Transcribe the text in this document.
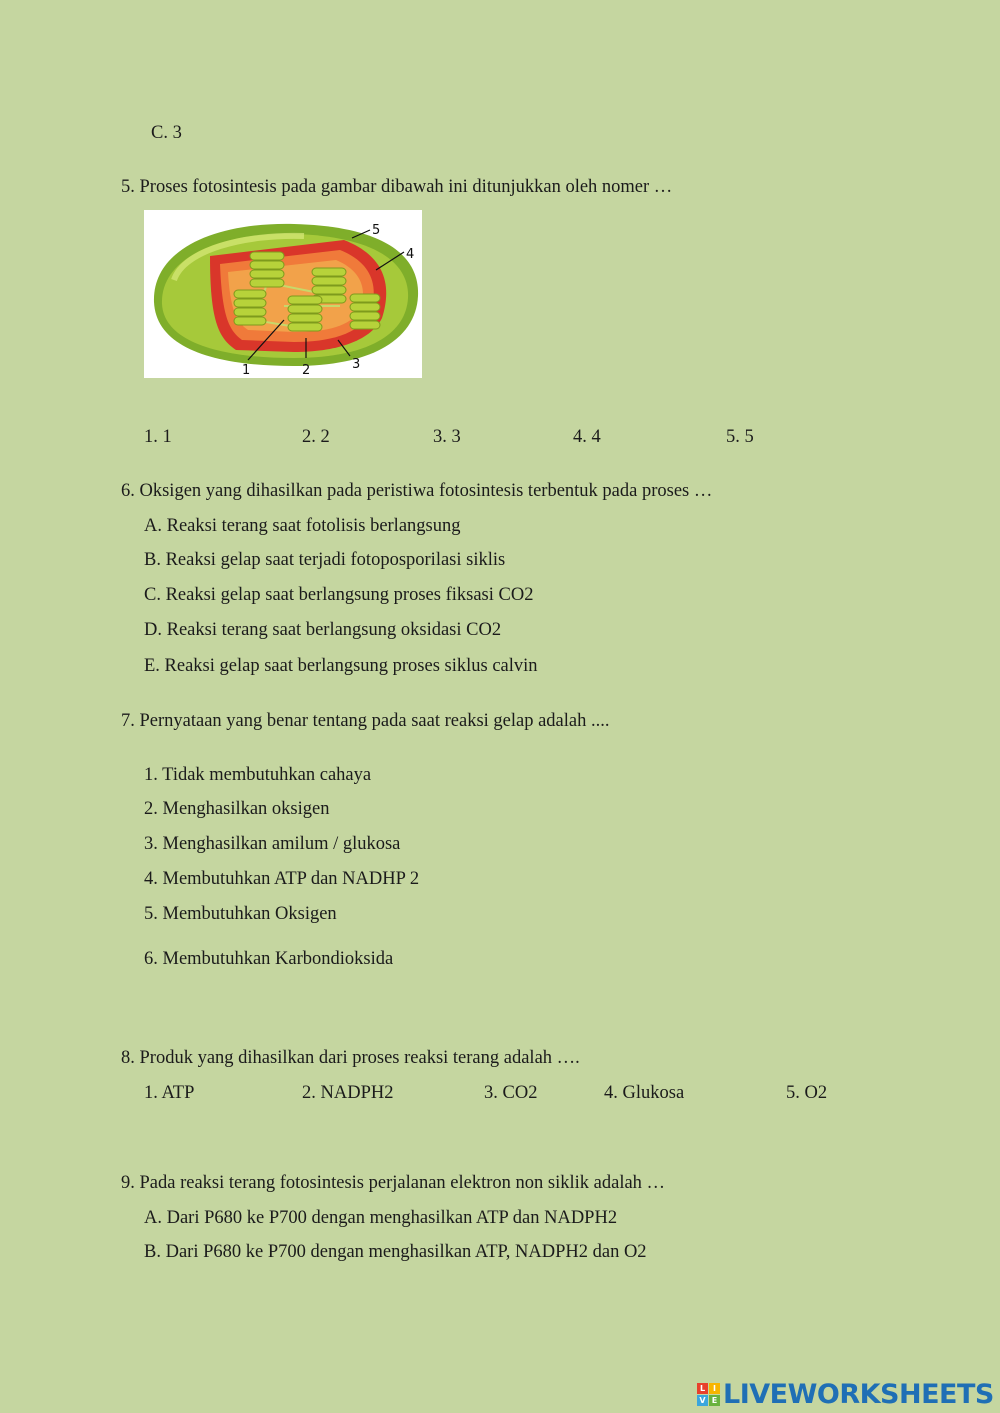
C. 3
5. Proses fotosintesis pada gambar dibawah ini ditunjukkan oleh nomer …
1	2	3
4
5
1. 1	2. 2	3. 3	4. 4	5. 5
6. Oksigen yang dihasilkan pada peristiwa fotosintesis terbentuk pada proses …
A. Reaksi terang saat fotolisis berlangsung
B. Reaksi gelap saat terjadi fotoposporilasi siklis
C. Reaksi gelap saat berlangsung proses fiksasi CO2
D. Reaksi terang saat berlangsung oksidasi CO2
E. Reaksi gelap saat berlangsung proses siklus calvin
7. Pernyataan yang benar tentang pada saat reaksi gelap adalah ....
1. Tidak membutuhkan cahaya
2. Menghasilkan oksigen
3. Menghasilkan amilum / glukosa
4. Membutuhkan ATP dan NADHP 2
5. Membutuhkan Oksigen
6. Membutuhkan Karbondioksida
8. Produk yang dihasilkan dari proses reaksi terang adalah ….
1. ATP	2. NADPH2	3. CO2	4. Glukosa	5. O2
9. Pada reaksi terang fotosintesis perjalanan elektron non siklik adalah …
A. Dari P680 ke P700 dengan menghasilkan ATP dan NADPH2
B. Dari P680 ke P700 dengan menghasilkan ATP, NADPH2 dan O2
L I
V E LIVEWORKSHEETS
